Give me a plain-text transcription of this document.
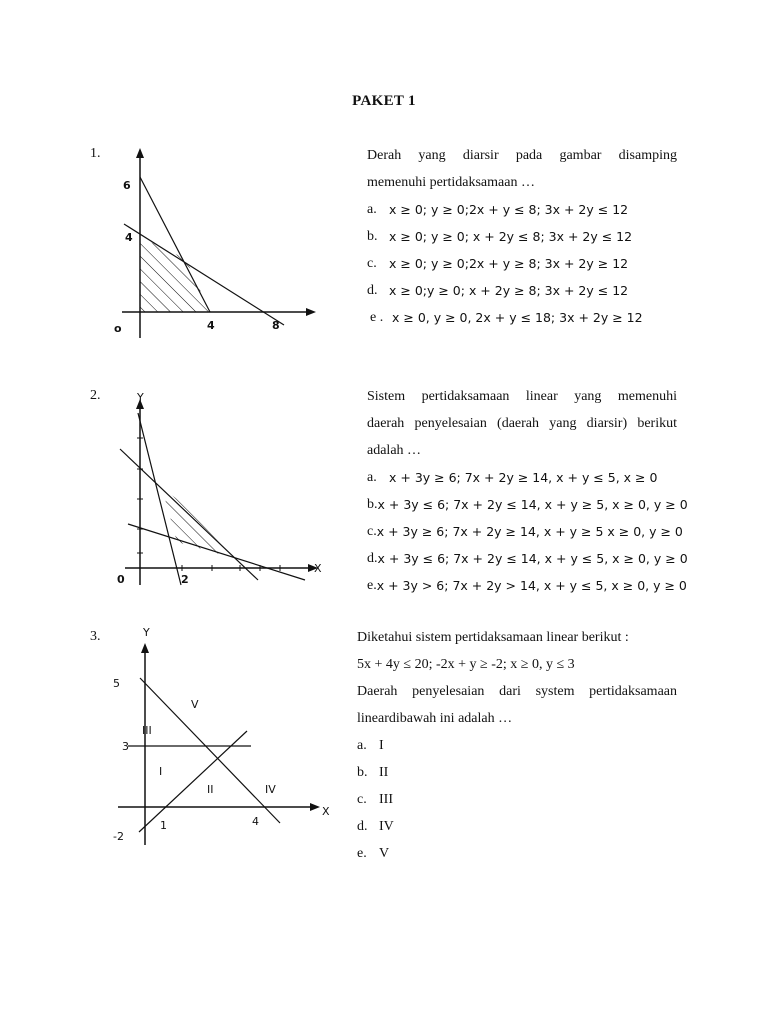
PAKET 1
1.
6
4
o	4	8

Derah yang diarsir pada gambar disamping

memenuhi pertidaksamaan …

a. x ≥ 0; y ≥ 0;2x + y ≤ 8; 3x + 2y ≤ 12
b. x ≥ 0; y ≥ 0; x + 2y ≤ 8; 3x + 2y ≤ 12
c. x ≥ 0; y ≥ 0;2x + y ≥ 8; 3x + 2y ≥ 12
d. x ≥ 0;y ≥ 0; x + 2y ≥ 8; 3x + 2y ≤ 12
e . x ≥ 0, y ≥ 0, 2x + y ≤ 18; 3x + 2y ≥ 12
2.	Y
X
0	2

Sistem pertidaksamaan linear yang memenuhi

daerah penyelesaian (daerah yang diarsir) berikut

adalah …

a. x + 3y ≥ 6; 7x + 2y ≥ 14, x + y ≤ 5, x ≥ 0
b. x + 3y ≤ 6; 7x + 2y ≤ 14, x + y ≥ 5, x ≥ 0, y ≥ 0
c. x + 3y ≥ 6; 7x + 2y ≥ 14, x + y ≥ 5 x ≥ 0, y ≥ 0
d. x + 3y ≤ 6; 7x + 2y ≤ 14, x + y ≤ 5, x ≥ 0, y ≥ 0
e. x + 3y > 6; 7x + 2y > 14, x + y ≤ 5, x ≥ 0, y ≥ 0
3.	Y
X
5
3
-2
1	4
I
II
III
IV
V

Diketahui sistem pertidaksamaan linear berikut :

5x + 4y ≤ 20; -2x + y ≥ -2; x ≥ 0, y ≤ 3

Daerah penyelesaian dari system pertidaksamaan

lineardibawah ini adalah …

a. I
b. II
c. III
d. IV
e. V
